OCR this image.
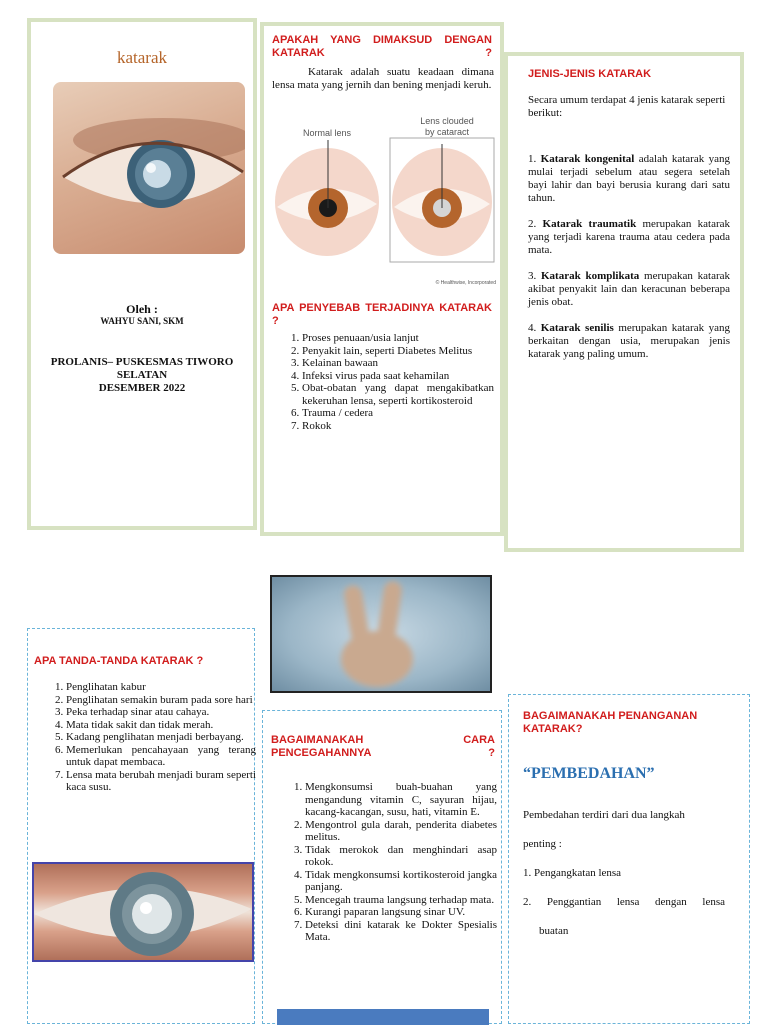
katarak
Oleh :
WAHYU SANI, SKM
PROLANIS– PUSKESMAS TIWORO
SELATAN
DESEMBER 2022
APAKAH YANG DIMAKSUD DENGAN KATARAK ?
Katarak adalah suatu keadaan dimana lensa mata yang jernih dan bening menjadi keruh.
Normal lens
Lens clouded
by cataract
© Healthwise, Incorporated
APA PENYEBAB TERJADINYA KATARAK ?
1. Proses penuaan/usia lanjut
2. Penyakit lain, seperti Diabetes Melitus
3. Kelainan bawaan
4. Infeksi virus pada saat kehamilan
5. Obat-obatan yang dapat mengakibatkan kekeruhan lensa, seperti kortikosteroid
6. Trauma / cedera
7. Rokok
JENIS-JENIS KATARAK
Secara umum terdapat 4 jenis katarak seperti berikut:
1. Katarak kongenital adalah katarak yang mulai terjadi sebelum atau segera setelah bayi lahir dan bayi berusia kurang dari satu tahun.
2. Katarak traumatik merupakan katarak yang terjadi karena trauma atau cedera pada mata.
3. Katarak komplikata merupakan katarak akibat penyakit lain dan keracunan beberapa jenis obat.
4. Katarak senilis merupakan katarak yang berkaitan dengan usia, merupakan jenis katarak yang paling umum.
APA TANDA-TANDA KATARAK ?
1. Penglihatan kabur
2. Penglihatan semakin buram pada sore hari
3. Peka terhadap sinar atau cahaya.
4. Mata tidak sakit dan tidak merah.
5. Kadang penglihatan menjadi berbayang.
6. Memerlukan pencahayaan yang terang untuk dapat membaca.
7. Lensa mata berubah menjadi buram seperti kaca susu.
BAGAIMANAKAH CARA PENCEGAHANNYA ?
1. Mengkonsumsi buah-buahan yang mengandung vitamin C, sayuran hijau, kacang-kacangan, susu, hati, vitamin E.
2. Mengontrol gula darah, penderita diabetes melitus.
3. Tidak merokok dan menghindari asap rokok.
4. Tidak mengkonsumsi kortikosteroid jangka panjang.
5. Mencegah trauma langsung terhadap mata.
6. Kurangi paparan langsung sinar UV.
7. Deteksi dini katarak ke Dokter Spesialis Mata.
BAGAIMANAKAH PENANGANAN KATARAK?
“PEMBEDAHAN”
Pembedahan terdiri dari dua langkah
penting :
1. Pengangkatan lensa
2. Penggantian lensa dengan lensa
buatan
